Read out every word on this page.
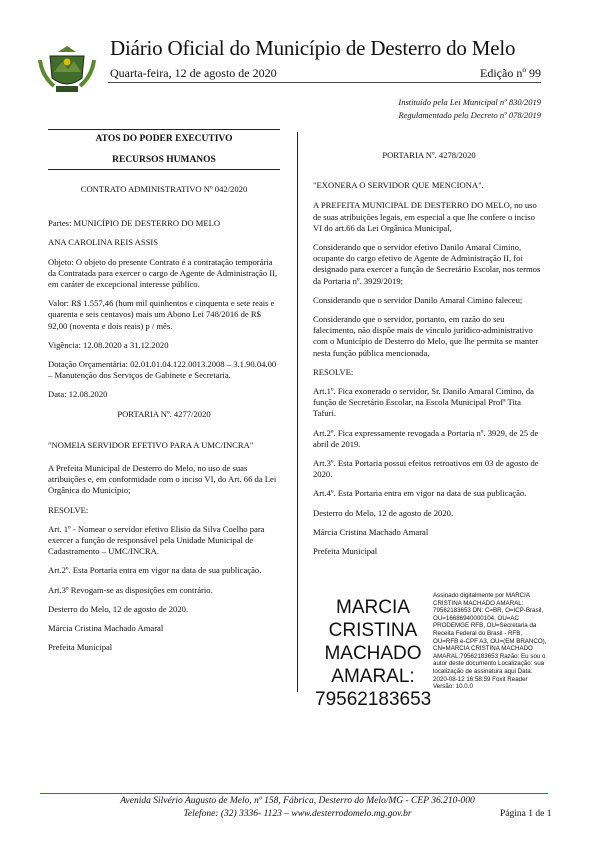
Diário Oficial do Município de Desterro do Melo
Quarta-feira, 12 de agosto de 2020	Edição nº 99
Instituído pela Lei Municipal nº 830/2019
Regulamentado pelo Decreto nº 078/2019

ATOS DO PODER EXECUTIVO

RECURSOS HUMANOS

CONTRATO ADMINISTRATIVO Nº 042/2020

Partes: MUNICÍPIO DE DESTERRO DO MELO

ANA CAROLINA REIS ASSIS

Objeto: O objeto do presente Contrato é a contratação temporária da Contratada para exercer o cargo de Agente de Administração II, em caráter de excepcional interesse público.

Valor: R$ 1.557,46 (hum mil quinhentos e cinquenta e sete reais e quarenta e seis centavos) mais um Abono Lei 748/2016 de R$ 92,00 (noventa e dois reais) p / mês.

Vigência: 12.08.2020 a 31.12.2020

Dotação Orçamentária: 02.01.01.04.122.0013.2008 – 3.1.90.04.00 – Manutenção dos Serviços de Gabinete e Secretaria.

Data: 12.08.2020

PORTARIA Nº. 4277/2020

"NOMEIA SERVIDOR EFETIVO PARA A UMC/INCRA"

A Prefeita Municipal de Desterro do Melo, no uso de suas atribuições e, em conformidade com o inciso VI, do Art. 66 da Lei Orgânica do Município;

RESOLVE:

Art. 1º - Nomear o servidor efetivo Elisio da Silva Coelho para exercer a função de responsável pela Unidade Municipal de Cadastramento – UMC/INCRA.

Art.2º. Esta Portaria entra em vigor na data de sua publicação.

Art.3º Revogam-se as disposições em contrário.

Desterro do Melo, 12 de agosto de 2020.

Márcia Cristina Machado Amaral

Prefeita Municipal

PORTARIA Nº. 4278/2020

"EXONERA O SERVIDOR QUE MENCIONA".

A PREFEITA MUNICIPAL DE DESTERRO DO MELO, no uso de suas atribuições legais, em especial a que lhe confere o inciso VI do art.66 da Lei Orgânica Municipal,

Considerando que o servidor efetivo Danilo Amaral Cimino, ocupante do cargo efetivo de Agente de Administração II, foi designado para exercer a função de Secretário Escolar, nos termos da Portaria nº. 3929/2019;

Considerando que o servidor Danilo Amaral Cimino faleceu;

Considerando que o servidor, portanto, em razão do seu falecimento, não dispõe mais de vínculo jurídico-administrativo com o Município de Desterro do Melo, que lhe permita se manter nesta função pública mencionada,

RESOLVE:

Art.1º. Fica exonerado o servidor, Sr. Danilo Amaral Cimino, da função de Secretário Escolar, na Escola Municipal Profª Tita Tafuri.

Art.2º. Fica expressamente revogada a Portaria nº. 3929, de 25 de abril de 2019.

Art.3º. Esta Portaria possui efeitos retroativos em 03 de agosto de 2020.

Art.4º. Esta Portaria entra em vigor na data de sua publicação.

Desterro do Melo, 12 de agosto de 2020.

Márcia Cristina Machado Amaral

Prefeita Municipal

MARCIA
CRISTINA
MACHADO
AMARAL:
79562183653
Assinado digitalmente por MARCIA CRISTINA MACHADO AMARAL: 79562183653 DN: C=BR, O=ICP-Brasil, OU=16686940000104, OU=AC PRODEMGE RFB, OU=Secretaria da Receita Federal do Brasil - RFB, OU=RFB e-CPF A3, OU=(EM BRANCO), CN=MARCIA CRISTINA MACHADO AMARAL:79562183653 Razão: Eu sou o autor deste documento Localização: sua localização de assinatura aqui Data: 2020-08-12 16:58:59 Foxit Reader Versão: 10.0.0
Avenida Silvério Augusto de Melo, nº 158, Fábrica, Desterro do Melo/MG - CEP 36.210-000
Telefone: (32) 3336- 1123 – www.desterrodomelo.mg.gov.br	Página 1 de 1
